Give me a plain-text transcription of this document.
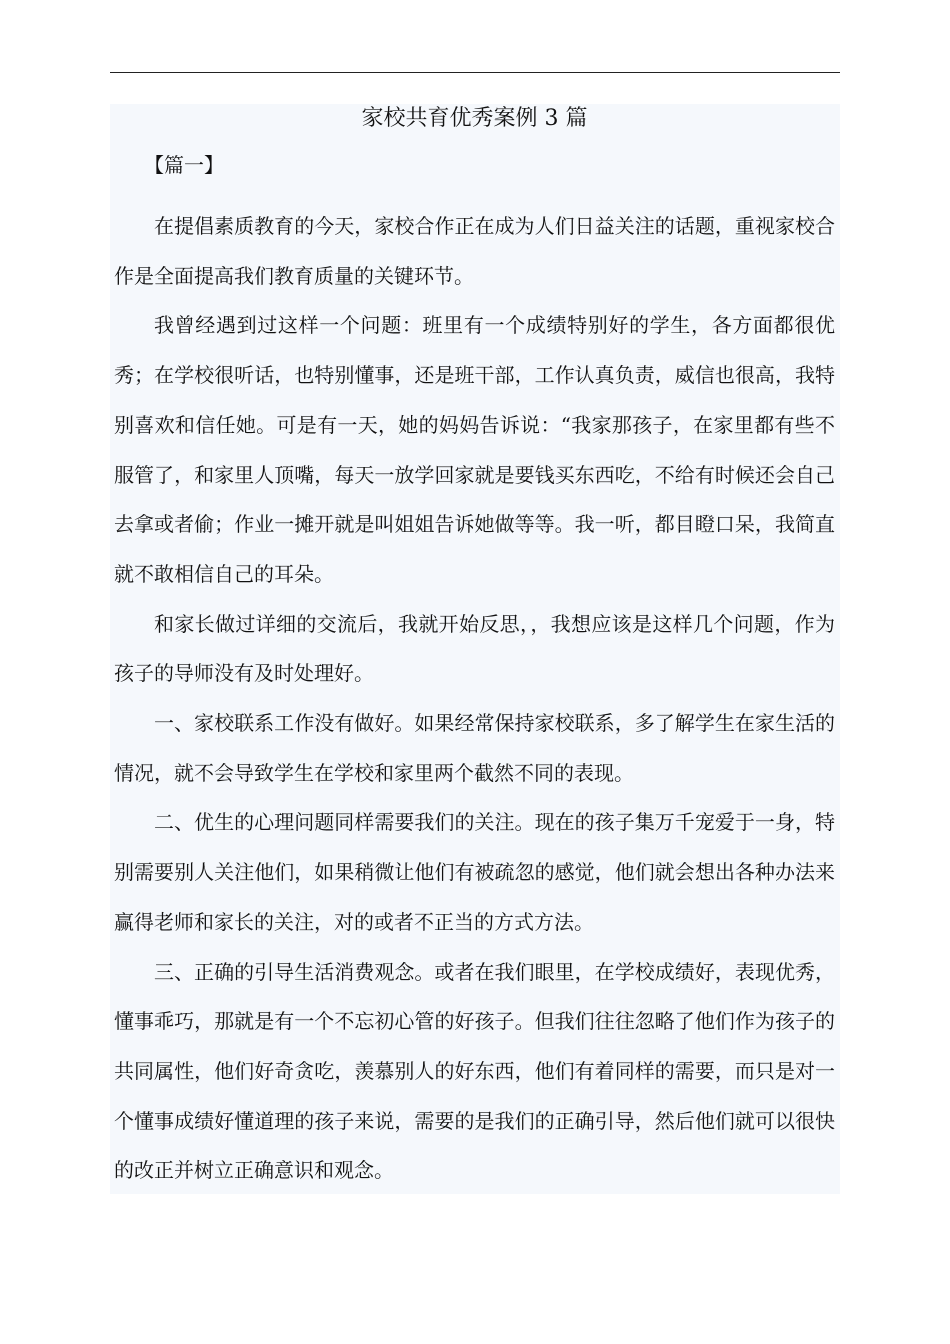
家校共育优秀案例 3 篇

【篇一】

在提倡素质教育的今天，家校合作正在成为人们日益关注的话题，重视家校合作是全面提高我们教育质量的关键环节。

我曾经遇到过这样一个问题：班里有一个成绩特别好的学生，各方面都很优秀；在学校很听话，也特别懂事，还是班干部，工作认真负责，威信也很高，我特别喜欢和信任她。可是有一天，她的妈妈告诉说：“我家那孩子，在家里都有些不服管了，和家里人顶嘴，每天一放学回家就是要钱买东西吃，不给有时候还会自己去拿或者偷；作业一摊开就是叫姐姐告诉她做等等。我一听，都目瞪口呆，我简直就不敢相信自己的耳朵。

和家长做过详细的交流后，我就开始反思，，我想应该是这样几个问题，作为孩子的导师没有及时处理好。

一、家校联系工作没有做好。如果经常保持家校联系，多了解学生在家生活的情况，就不会导致学生在学校和家里两个截然不同的表现。

二、优生的心理问题同样需要我们的关注。现在的孩子集万千宠爱于一身，特别需要别人关注他们，如果稍微让他们有被疏忽的感觉，他们就会想出各种办法来赢得老师和家长的关注，对的或者不正当的方式方法。

三、正确的引导生活消费观念。或者在我们眼里，在学校成绩好，表现优秀，懂事乖巧，那就是有一个不忘初心管的好孩子。但我们往往忽略了他们作为孩子的共同属性，他们好奇贪吃，羡慕别人的好东西，他们有着同样的需要，而只是对一个懂事成绩好懂道理的孩子来说，需要的是我们的正确引导，然后他们就可以很快的改正并树立正确意识和观念。
